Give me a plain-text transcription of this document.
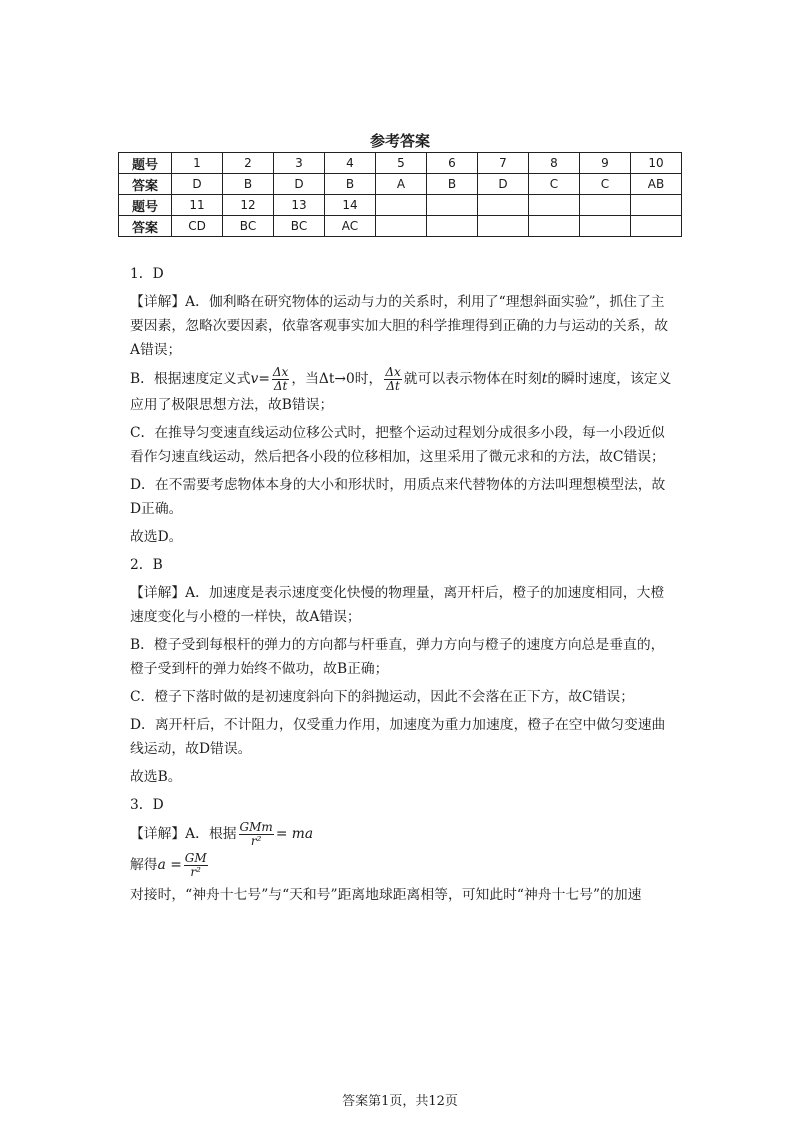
参考答案
题号	1	2	3	4	5	6	7	8	9	10
答案	D	B	D	B	A	B	D	C	C	AB
题号	11	12	13	14						
答案	CD	BC	BC	AC						

1．D

【详解】A．伽利略在研究物体的运动与力的关系时，利用了“理想斜面实验”，抓住了主要因素，忽略次要因素，依靠客观事实加大胆的科学推理得到正确的力与运动的关系，故A错误；

B．根据速度定义式$v= \frac{\Delta x}{\Delta t}$ ，当Δt→0时， $\frac{\Delta x}{\Delta t}$ 就可以表示物体在时刻t的瞬时速度，该定义应用了极限思想方法，故B错误；

C．在推导匀变速直线运动位移公式时，把整个运动过程划分成很多小段，每一小段近似看作匀速直线运动，然后把各小段的位移相加，这里采用了微元求和的方法，故C错误；

D．在不需要考虑物体本身的大小和形状时，用质点来代替物体的方法叫理想模型法，故D正确。

故选D。

2．B

【详解】A．加速度是表示速度变化快慢的物理量，离开杆后，橙子的加速度相同，大橙速度变化与小橙的一样快，故A错误；

B．橙子受到每根杆的弹力的方向都与杆垂直，弹力方向与橙子的速度方向总是垂直的，橙子受到杆的弹力始终不做功，故B正确；

C．橙子下落时做的是初速度斜向下的斜抛运动，因此不会落在正下方，故C错误；

D．离开杆后，不计阻力，仅受重力作用，加速度为重力加速度，橙子在空中做匀变速曲线运动，故D错误。

故选B。

3．D

【详解】A．根据 $\frac{\text{GMm}}{\text{r²}}$ = ma

解得$a = \frac{GM}{\text{r²}}$

对接时，“神舟十七号”与“天和号”距离地球距离相等，可知此时“神舟十七号”的加速

答案第1页，共12页
